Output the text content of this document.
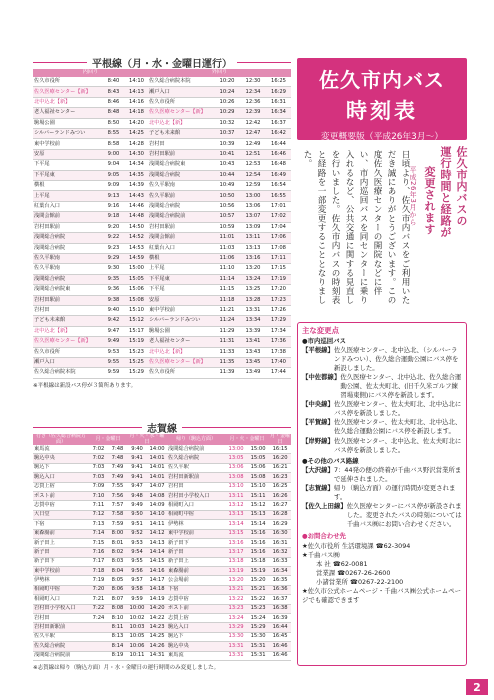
平根線（月・水・金曜日運行）
内回り			外回り			
佐久市役所	8:40	14:10	佐久総合病院本院	10:20	12:30	16:25
佐久医療センター【新】	8:43	14:13	瀬戸入口	10:24	12:34	16:29
北中込北【新】	8:46	14:16	佐久市役所	10:26	12:36	16:31
老人福祉センター	8:48	14:18	佐久医療センター【新】	10:29	12:39	16:34
駒場公園	8:50	14:20	北中込北【新】	10:32	12:42	16:37
シルバーランドみつい	8:55	14:25	子ども未来館	10:37	12:47	16:42
東中学校前	8:58	14:28	岩村田	10:39	12:49	16:44
安原	9:00	14:30	岩村田駅前	10:41	12:51	16:46
下平尾	9:04	14:34	浅間総合病院東	10:43	12:53	16:48
下平尾東	9:05	14:35	浅間総合病院	10:44	12:54	16:49
横根	9:09	14:39	佐久平駅南	10:49	12:59	16:54
上平尾	9:13	14:43	佐久平駅前	10:50	13:00	16:55
紅葉台入口	9:16	14:46	浅間総合病院	10:56	13:06	17:01
浅間会館前	9:18	14:48	浅間総合病院前	10:57	13:07	17:02
岩村田駅前	9:20	14:50	岩村田駅前	10:59	13:09	17:04
浅間総合病院	9:22	14:52	浅間会館前	11:01	13:11	17:06
浅間総合病院	9:23	14:53	紅葉台入口	11:03	13:13	17:08
佐久平駅南	9:29	14:59	横根	11:06	13:16	17:11
佐久平駅南	9:30	15:00	上平尾	11:10	13:20	17:15
浅間総合病院	9:35	15:05	下平尾東	11:14	13:24	17:19
浅間総合病院東	9:36	15:06	下平尾	11:15	13:25	17:20
岩村田駅前	9:38	15:08	安原	11:18	13:28	17:23
岩村田	9:40	15:10	東中学校前	11:21	13:31	17:26
子ども未来館	9:42	15:12	シルバーランドみつい	11:24	13:34	17:29
北中込北【新】	9:47	15:17	駒場公園	11:29	13:39	17:34
佐久医療センター【新】	9:49	15:19	老人福祉センター	11:31	13:41	17:36
佐久市役所	9:53	15:23	北中込北【新】	11:33	13:43	17:38
瀬戸入口	9:55	15:25	佐久医療センター【新】	11:35	13:45	17:40
佐久総合病院本院	9:59	15:29	佐久市役所	11:39	13:49	17:44
※平根線は新設バス停が３箇所あります。
志賀線
行き（佐久総合病院方面）	月・金曜日		月・火・水・曜日		帰り（駒込方面）	月・火・金曜日		月・金曜日
東馬流	7:02	7:48	9:40	14:00	浅間総合病院前	13:00	15:00	16:15
駒込中央	7:02	7:48	9:41	14:01	佐久総合病院	13:05	15:05	16:20
駒込下	7:03	7:49	9:41	14:01	佐久平駅	13:06	15:06	16:21
駒込入口	7:03	7:49	9:41	14:01	岩村田新駅前	13:08	15:08	16:23
志賀上宿	7:09	7:55	9:47	14:07	岩村田	13:10	15:10	16:25
ポスト前	7:10	7:56	9:48	14:08	岩村田小学校入口	13:11	15:11	16:26
志賀中宿	7:11	7:57	9:49	14:09	相岡町入口	13:12	15:12	16:27
大日堂	7:12	7:58	9:50	14:10	相岡町中宿	13:13	15:13	16:28
下宿	7:13	7:59	9:51	14:11	伊勢林	13:14	15:14	16:29
東森腸前	7:14	8:00	9:52	14:12	東中学校前	13:15	15:16	16:30
新子田上	7:15	8:01	9:53	14:13	新子田下	13:16	15:16	16:31
新子田	7:16	8:02	9:54	14:14	新子田	13:17	15:16	16:32
新子田下	7:17	8:03	9:55	14:15	新子田上	13:18	15:18	16:33
東中学校前	7:18	8:04	9:56	14:16	東森腸前	13:19	15:19	16:34
伊勢林	7:19	8:05	9:57	14:17	公会場前	13:20	15:20	16:35
相岡町中宿	7:20	8:06	9:58	14:18	下宿	13:21	15:21	16:36
相岡町入口	7:21	8:07	9:59	14:19	志賀中宿	13:22	15:22	16:37
岩村田小学校入口	7:22	8:08	10:00	14:20	ポスト前	13:23	15:23	16:38
岩村田	7:24	8:10	10:02	14:22	志賀上宿	13:24	15:24	16:39
岩村田新駅前		8:11	10:03	14:23	駒込入口	13:29	15:29	16:44
佐久平駅		8:13	10:05	14:25	駒込下	13:30	15:30	16:45
佐久総合病院		8:14	10:06	14:26	駒込中央	13:31	15:31	16:46
浅間総合病院前		8:19	10:11	14:31	東馬流	13:31	15:31	16:46
※志賀線は帰り（駒込方面）月・水・金曜日の運行時間のみ変更しました。
佐久市内バス
時刻表
変更概要版（平成26年3月〜）
日頃より、佐久市内バスをご利用いただき誠にありがとうございます。この度佐久医療センターの開院などに伴い、市内巡回バスを同センターに乗り入れるなど、公共交通に関する見直しを行いました。佐久市内バスの時刻表と経路を一部変更することとなりました。	佐久市内バスの
運行時間と経路が
変更されます
平成26年3月から
主な変更点
●市内巡回バス
【平根線】 佐久医療センター、北中込北、（シルバーランドみつい）、佐久総合運動公園にバス停を新設しました。
【中佐都線】 佐久医療センター、北中込北、佐久総合運動公園、佐太夫町北、(旧千久米ゴルフ練習場東側)にバス停を新設します。
【中央線】 佐久医療センター、佐太夫町北、北中込北にバス停を新設しました。
【平賀線】 佐久医療センター、佐太夫町北、北中込北、佐久総合運動公園にバス停を新設します。
【岸野線】 佐久医療センター、北中込北、佐太夫町北にバス停を新設しました。
●その他のバス路線
【大沢線】 7：44発の便の終着が千曲バス野沢営業所まで延伸されました。
【志賀線】 帰り（駒込方面）の運行時間が変更されます。
【佐久上田線】 佐久医療センターにバス停が新設されました。変更されたバスの時刻については千曲バス㈱にお問い合わせください。
●お問合わせ先
★佐久市役所 生活環境課 ☎62-3094
★千曲バス㈱
本 社 ☎62-0081
営業課 ☎0267-26-2600
小諸営業所 ☎0267-22-2100
★佐久市公式ホームページ・千曲バス㈱公式ホームページでも確認できます
2
